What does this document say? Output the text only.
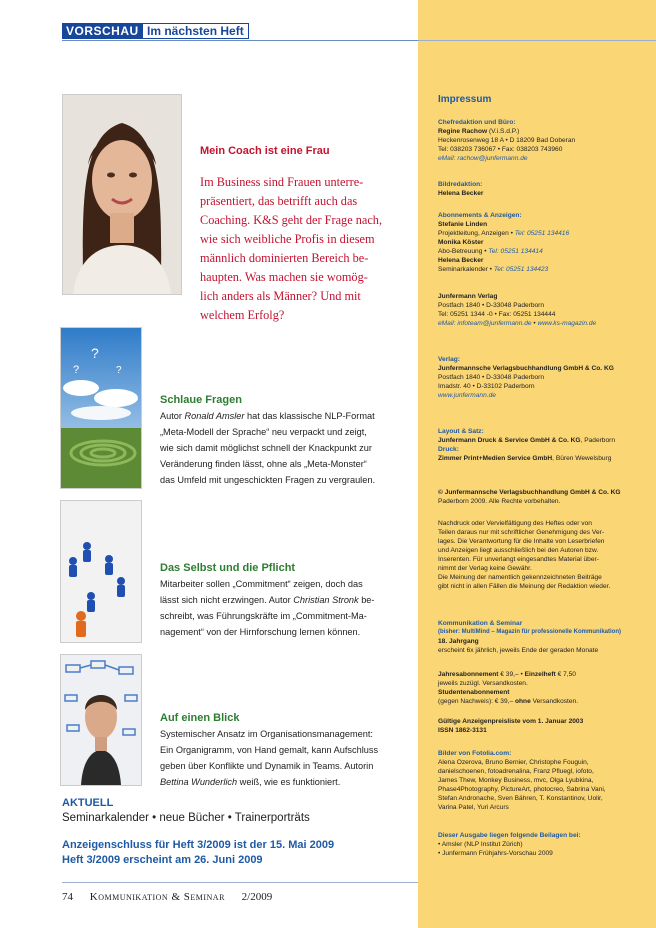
VORSCHAU Im nächsten Heft
Mein Coach ist eine Frau
Im Business sind Frauen unterre-
präsentiert, das betrifft auch das
Coaching. K&S geht der Frage nach,
wie sich weibliche Profis in diesem
männlich dominierten Bereich be-
haupten. Was machen sie womög-
lich anders als Männer? Und mit
welchem Erfolg?
?
?
?
Schlaue Fragen
Autor Ronald Amsler hat das klassische NLP-Format
„Meta-Modell der Sprache“ neu verpackt und zeigt,
wie sich damit möglichst schnell der Knackpunkt zur
Veränderung finden lässt, ohne als „Meta-Monster“
das Umfeld mit ungeschickten Fragen zu vergraulen.
Das Selbst und die Pflicht
Mitarbeiter sollen „Commitment“ zeigen, doch das
lässt sich nicht erzwingen. Autor Christian Stronk be-
schreibt, was Führungskräfte im „Commitment-Ma-
nagement“ von der Hirnforschung lernen können.
Auf einen Blick
Systemischer Ansatz im Organisationsmanagement:
Ein Organigramm, von Hand gemalt, kann Aufschluss
geben über Konflikte und Dynamik in Teams. Autorin
Bettina Wunderlich weiß, wie es funktioniert.
AKTUELL
Seminarkalender • neue Bücher • Trainerporträts
Anzeigenschluss für Heft 3/2009 ist der 15. Mai 2009
Heft 3/2009 erscheint am 26. Juni 2009
74 Kommunikation & Seminar 2/2009
Impressum
Chefredaktion und Büro:
Regine Rachow (V.i.S.d.P.)
Heckenrosenweg 18 A • D 18209 Bad Doberan
Tel: 038203 736067 • Fax: 038203 743960
eMail: rachow@junfermann.de
Bildredaktion:
Helena Becker
Abonnements & Anzeigen:
Stefanie Linden
Projektleitung, Anzeigen • Tel: 05251 134416
Monika Köster
Abo-Betreuung • Tel: 05251 134414
Helena Becker
Seminarkalender • Tel: 05251 134423
Junfermann Verlag
Postfach 1840 • D-33048 Paderborn
Tel: 05251 1344 -0 • Fax: 05251 134444
eMail: infoteam@junfermann.de • www.ks-magazin.de
Verlag:
Junfermannsche Verlagsbuchhandlung GmbH & Co. KG
Postfach 1840 • D-33048 Paderborn
Imadstr. 40 • D-33102 Paderborn
www.junfermann.de
Layout & Satz:
Junfermann Druck & Service GmbH & Co. KG, Paderborn
Druck:
Zimmer Print+Medien Service GmbH, Büren Wewelsburg
© Junfermannsche Verlagsbuchhandlung GmbH & Co. KG
Paderborn 2009. Alle Rechte vorbehalten.
Nachdruck oder Vervielfältigung des Heftes oder von
Teilen daraus nur mit schriftlicher Genehmigung des Ver-
lages. Die Verantwortung für die Inhalte von Leserbriefen
und Anzeigen liegt ausschließlich bei den Autoren bzw.
Inserenten. Für unverlangt eingesandtes Material über-
nimmt der Verlag keine Gewähr.
Die Meinung der namentlich gekennzeichneten Beiträge
gibt nicht in allen Fällen die Meinung der Redaktion wieder.
Kommunikation & Seminar
(bisher: MultiMind – Magazin für professionelle Kommunikation)
18. Jahrgang
erscheint 6x jährlich, jeweils Ende der geraden Monate
Jahresabonnement € 39,– • Einzelheft € 7,50
jeweils zuzügl. Versandkosten.
Studentenabonnement
(gegen Nachweis): € 39,– ohne Versandkosten.
Gültige Anzeigenpreisliste vom 1. Januar 2003
ISSN 1862-3131
Bilder von Fotolia.com:
Alena Ozerova, Bruno Bernier, Christophe Fouguin,
danielschoenen, fotoadrenalina, Franz Pfluegl, iofoto,
James Thew, Monkey Business, mvc, Olga Lyubkina,
Phase4Photography, PictureArt, photocreo, Sabrina Vani,
Stefan Andronache, Sven Bähren, T. Konstantinov, Uolir,
Varina Patel, Yuri Arcurs
Dieser Ausgabe liegen folgende Beilagen bei:
• Amsler (NLP Institut Zürich)
• Junfermann Frühjahrs-Vorschau 2009
